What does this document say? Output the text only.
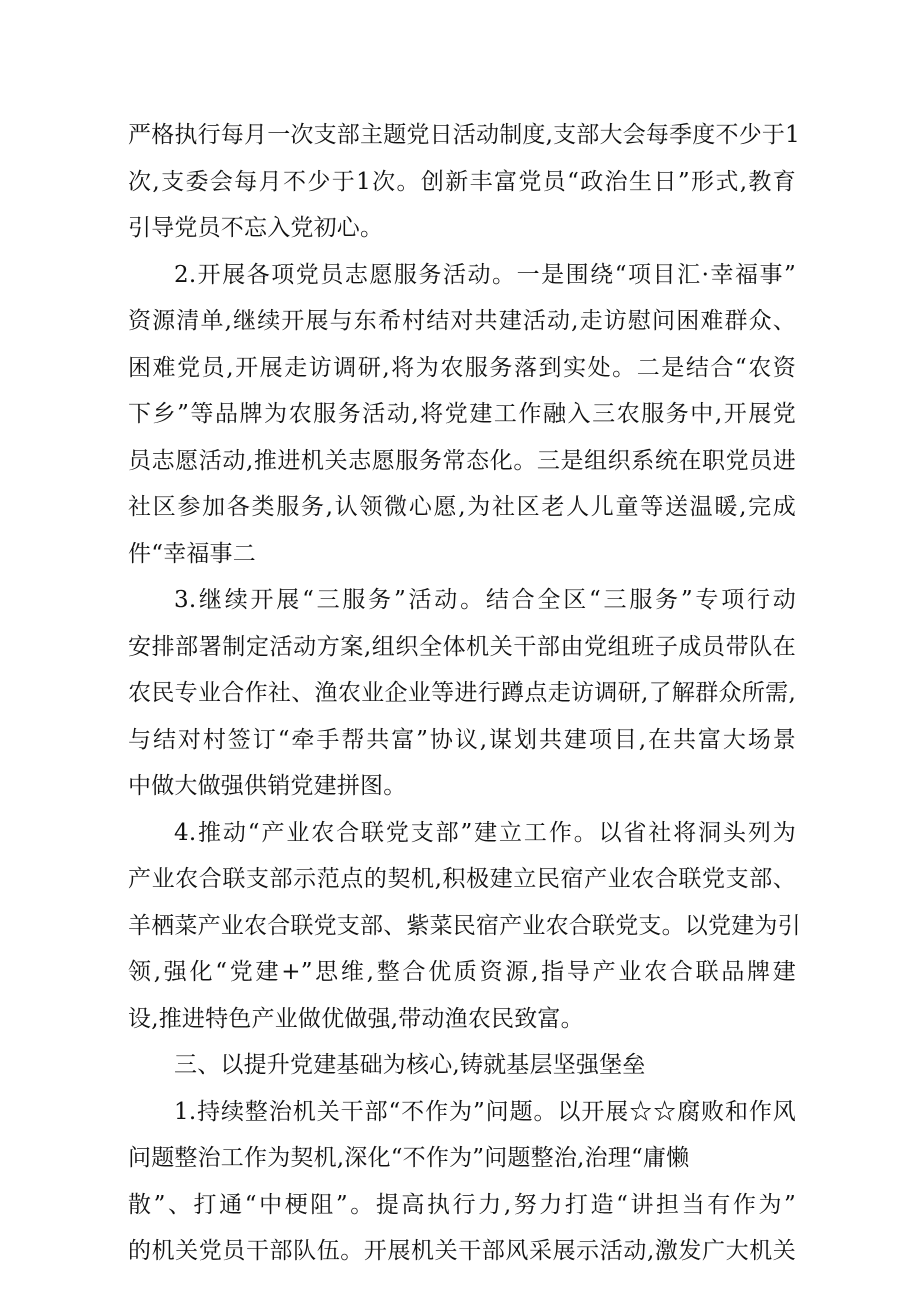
严格执行每月一次支部主题党日活动制度,支部大会每季度不少于1
次,支委会每月不少于1次。创新丰富党员“政治生日”形式,教育
引导党员不忘入党初心。
2.开展各项党员志愿服务活动。一是围绕“项目汇·幸福事”
资源清单,继续开展与东希村结对共建活动,走访慰问困难群众、
困难党员,开展走访调研,将为农服务落到实处。二是结合“农资
下乡”等品牌为农服务活动,将党建工作融入三农服务中,开展党
员志愿活动,推进机关志愿服务常态化。三是组织系统在职党员进
社区参加各类服务,认领微心愿,为社区老人儿童等送温暖,完成
件“幸福事二
3.继续开展“三服务”活动。结合全区“三服务”专项行动
安排部署制定活动方案,组织全体机关干部由党组班子成员带队在
农民专业合作社、渔农业企业等进行蹲点走访调研,了解群众所需,
与结对村签订“牵手帮共富”协议,谋划共建项目,在共富大场景
中做大做强供销党建拼图。
4.推动“产业农合联党支部”建立工作。以省社将洞头列为
产业农合联支部示范点的契机,积极建立民宿产业农合联党支部、
羊栖菜产业农合联党支部、紫菜民宿产业农合联党支。以党建为引
领,强化“党建+”思维,整合优质资源,指导产业农合联品牌建
设,推进特色产业做优做强,带动渔农民致富。
三、以提升党建基础为核心,铸就基层坚强堡垒
1.持续整治机关干部“不作为”问题。以开展☆☆腐败和作风
问题整治工作为契机,深化“不作为”问题整治,治理“庸懒
散”、打通“中梗阻”。提高执行力,努力打造“讲担当有作为”
的机关党员干部队伍。开展机关干部风采展示活动,激发广大机关
